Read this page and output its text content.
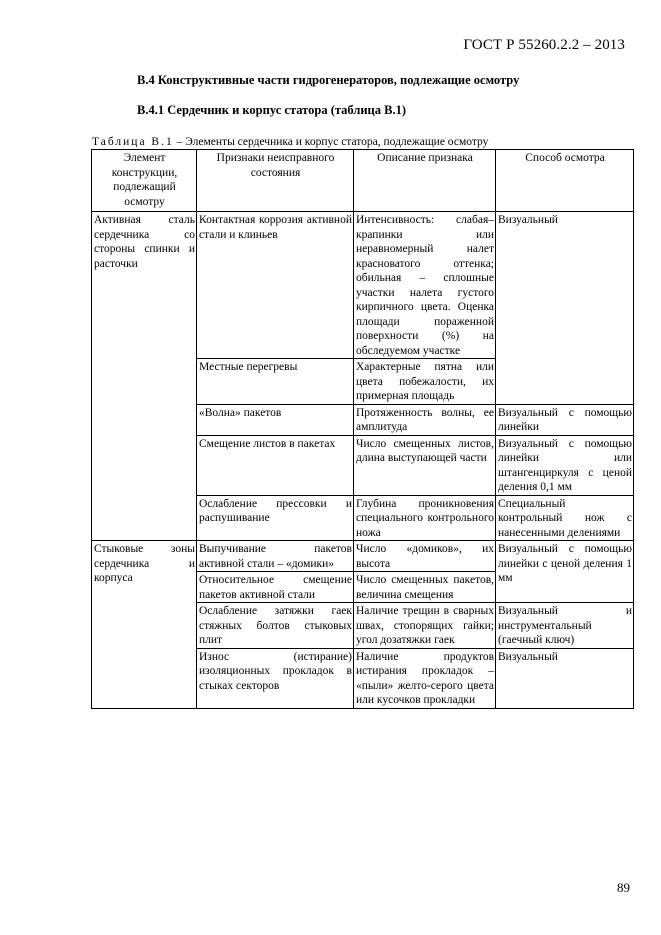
ГОСТ Р 55260.2.2 – 2013
В.4 Конструктивные части гидрогенераторов, подлежащие осмотру
В.4.1 Сердечник и корпус статора (таблица В.1)
Таблица В.1 – Элементы сердечника и корпус статора, подлежащие осмотру
Элемент конструкции, подлежащий осмотру	Признаки неисправного состояния	Описание признака	Способ осмотра
Активная сталь сердечника со стороны спинки и расточки	Контактная коррозия активной стали и клиньев	Интенсивность: слабая– крапинки или неравномерный налет красноватого оттенка; обильная – сплошные участки налета густого кирпичного цвета. Оценка площади пораженной поверхности (%) на обследуемом участке	Визуальный
	Местные перегревы	Характерные пятна или цвета побежалости, их примерная площадь	
	«Волна» пакетов	Протяженность волны, ее амплитуда	Визуальный с помощью линейки
	Смещение листов в пакетах	Число смещенных листов, длина выступающей части	Визуальный с помощью линейки или штангенциркуля с ценой деления 0,1 мм
	Ослабление прессовки и распушивание	Глубина проникновения специального контрольного ножа	Специальный контрольный нож с нанесенными делениями
Стыковые зоны сердечника и корпуса	Выпучивание пакетов активной стали – «домики»	Число «домиков», их высота	Визуальный с помощью линейки с ценой деления 1 мм
	Относительное смещение пакетов активной стали	Число смещенных пакетов, величина смещения	
	Ослабление затяжки гаек стяжных болтов стыковых плит	Наличие трещин в сварных швах, стопорящих гайки; угол дозатяжки гаек	Визуальный и инструментальный (гаечный ключ)
	Износ (истирание) изоляционных прокладок в стыках секторов	Наличие продуктов истирания прокладок – «пыли» желто-серого цвета или кусочков прокладки	Визуальный
89
